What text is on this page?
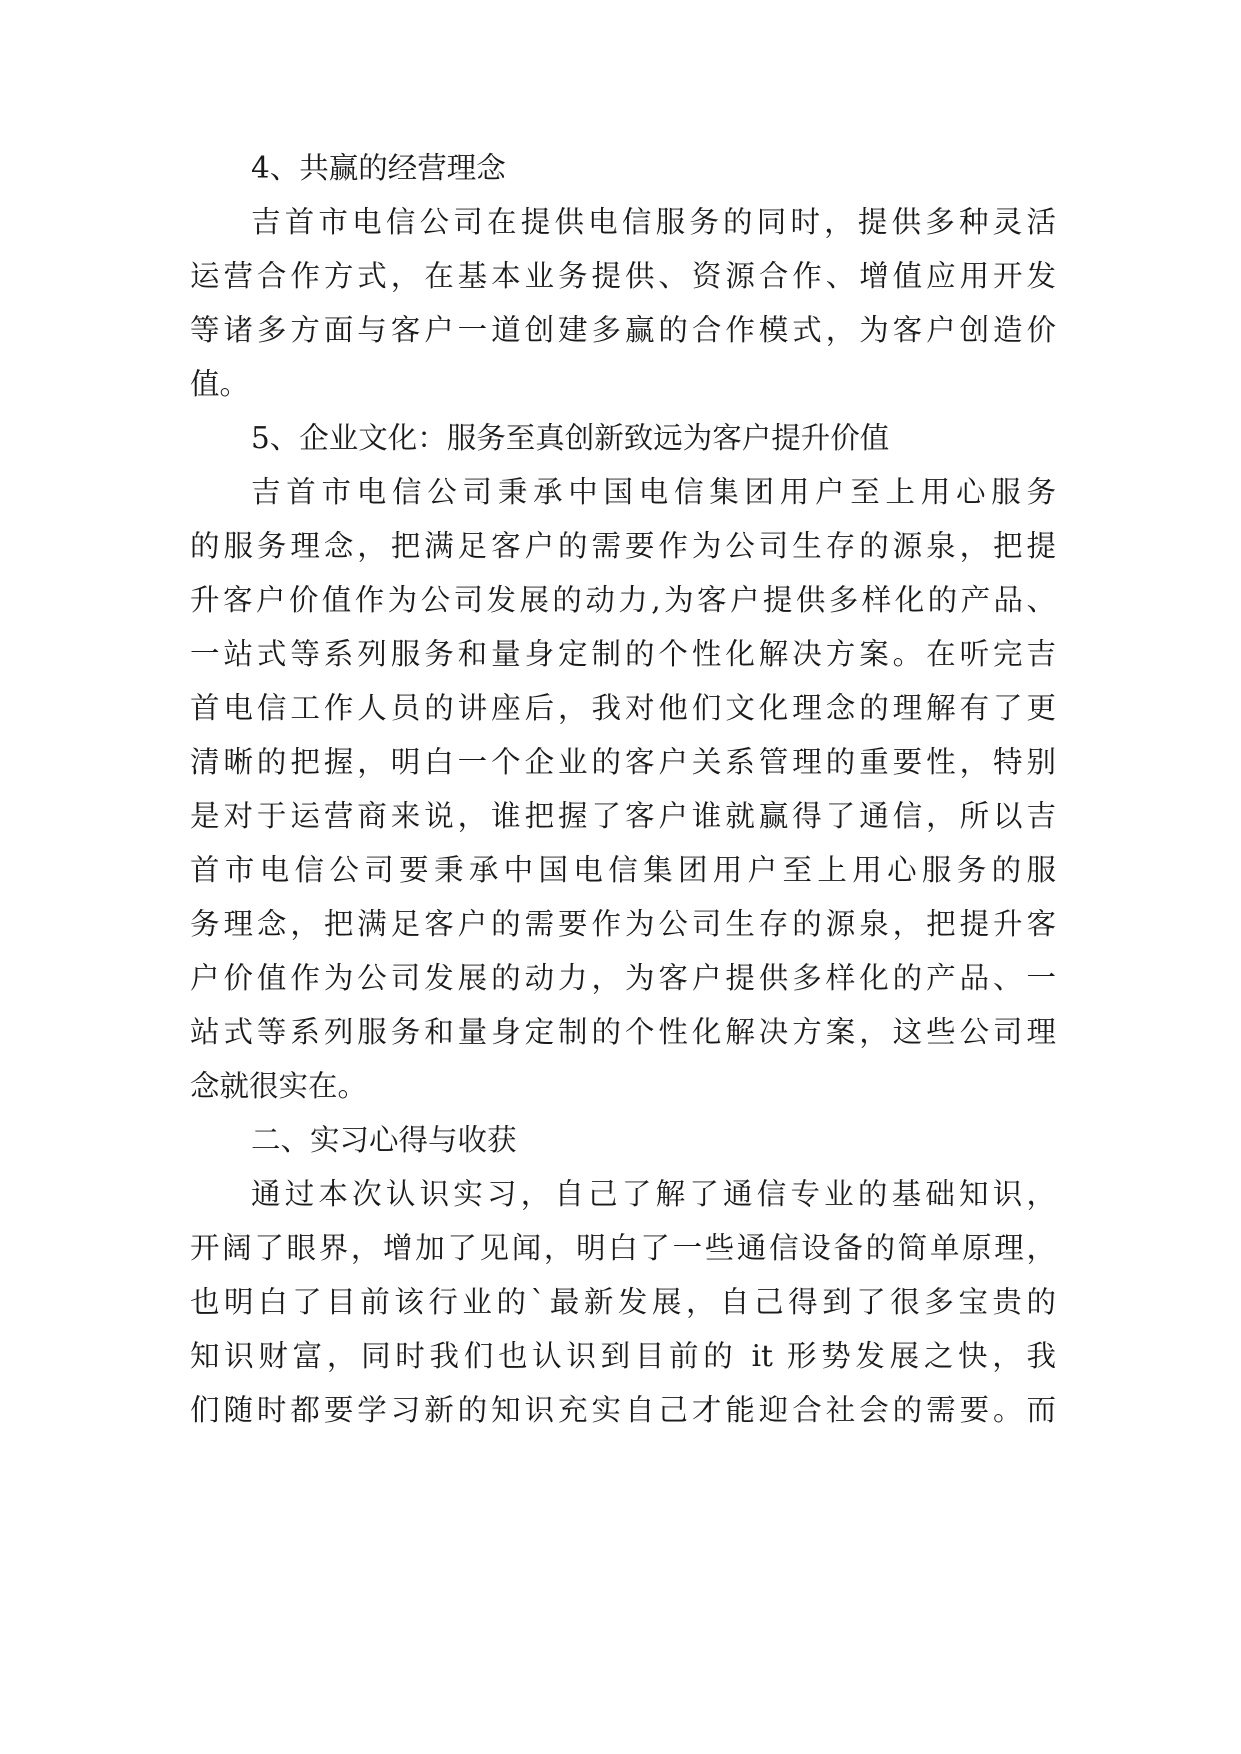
4、共赢的经营理念
吉首市电信公司在提供电信服务的同时，提供多种灵活
运营合作方式，在基本业务提供、资源合作、增值应用开发
等诸多方面与客户一道创建多赢的合作模式，为客户创造价
值。
5、企业文化：服务至真创新致远为客户提升价值
吉首市电信公司秉承中国电信集团用户至上用心服务
的服务理念，把满足客户的需要作为公司生存的源泉，把提
升客户价值作为公司发展的动力,为客户提供多样化的产品、
一站式等系列服务和量身定制的个性化解决方案。在听完吉
首电信工作人员的讲座后，我对他们文化理念的理解有了更
清晰的把握，明白一个企业的客户关系管理的重要性，特别
是对于运营商来说，谁把握了客户谁就赢得了通信，所以吉
首市电信公司要秉承中国电信集团用户至上用心服务的服
务理念，把满足客户的需要作为公司生存的源泉，把提升客
户价值作为公司发展的动力，为客户提供多样化的产品、一
站式等系列服务和量身定制的个性化解决方案，这些公司理
念就很实在。
二、实习心得与收获
通过本次认识实习，自己了解了通信专业的基础知识，
开阔了眼界，增加了见闻，明白了一些通信设备的简单原理，
也明白了目前该行业的`最新发展，自己得到了很多宝贵的
知识财富，同时我们也认识到目前的 it 形势发展之快，我
们随时都要学习新的知识充实自己才能迎合社会的需要。而
